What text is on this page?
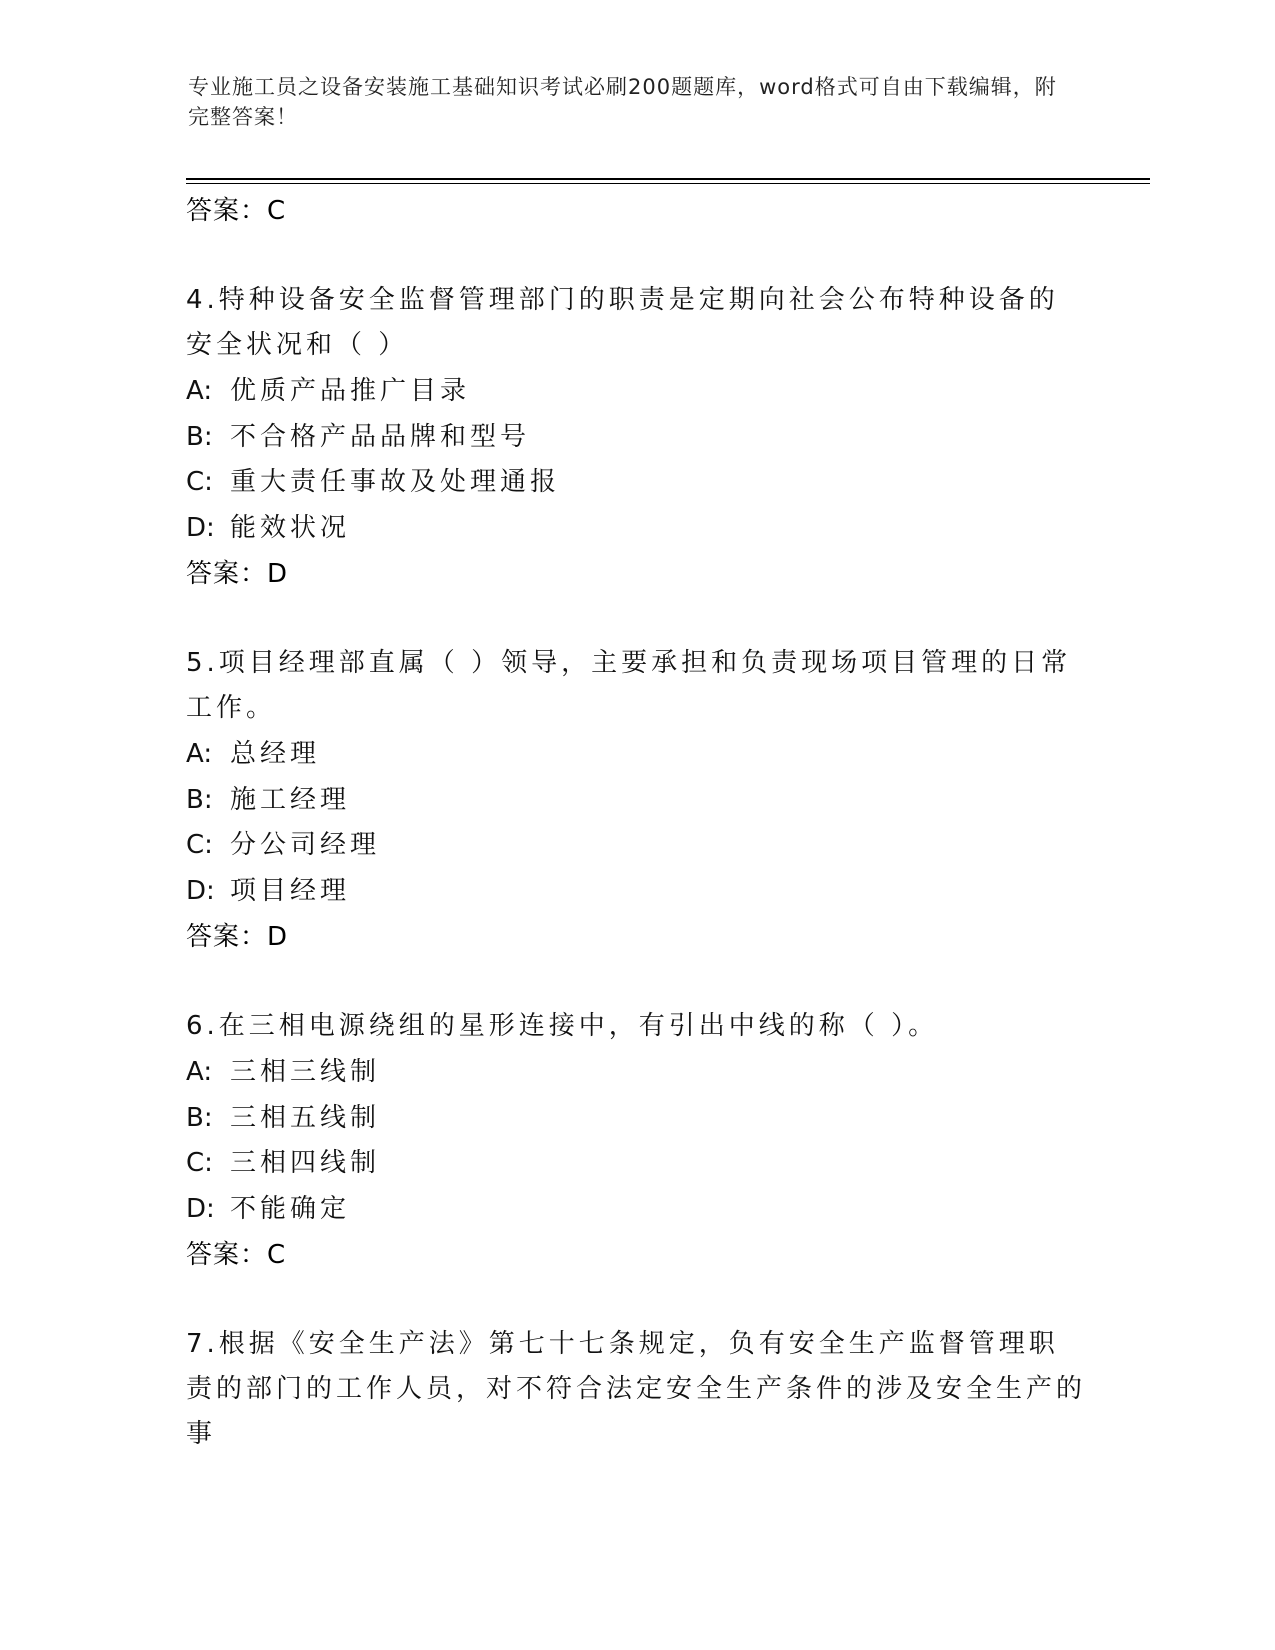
专业施工员之设备安装施工基础知识考试必刷200题题库，word格式可自由下载编辑，附完整答案！
答案：C
4.特种设备安全监督管理部门的职责是定期向社会公布特种设备的安全状况和（ ）
A: 优质产品推广目录
B: 不合格产品品牌和型号
C: 重大责任事故及处理通报
D: 能效状况
答案：D
5.项目经理部直属（ ）领导，主要承担和负责现场项目管理的日常工作。
A: 总经理
B: 施工经理
C: 分公司经理
D: 项目经理
答案：D
6.在三相电源绕组的星形连接中，有引出中线的称（ ）。
A: 三相三线制
B: 三相五线制
C: 三相四线制
D: 不能确定
答案：C
7.根据《安全生产法》第七十七条规定，负有安全生产监督管理职责的部门的工作人员，对不符合法定安全生产条件的涉及安全生产的事
